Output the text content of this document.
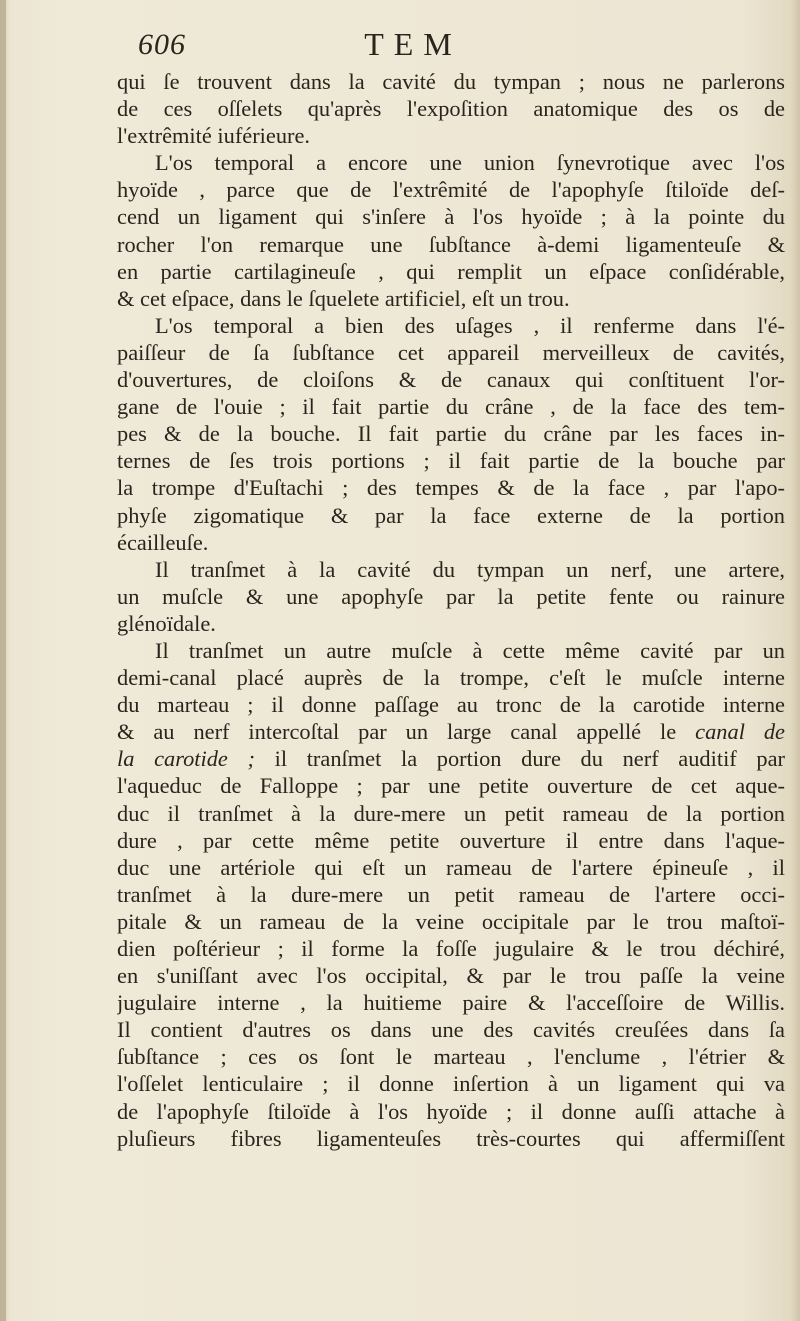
606	TEM
qui ſe trouvent dans la cavité du tympan ; nous ne parlerons
de ces oſſelets qu'après l'expoſition anatomique des os de
l'extrêmité iuférieure.
L'os temporal a encore une union ſynevrotique avec l'os
hyoïde , parce que de l'extrêmité de l'apophyſe ſtiloïde deſ-
cend un ligament qui s'inſere à l'os hyoïde ; à la pointe du
rocher l'on remarque une ſubſtance à-demi ligamenteuſe &
en partie cartilagineuſe , qui remplit un eſpace conſidérable,
& cet eſpace, dans le ſquelete artificiel, eſt un trou.
L'os temporal a bien des uſages , il renferme dans l'é-
paiſſeur de ſa ſubſtance cet appareil merveilleux de cavités,
d'ouvertures, de cloiſons & de canaux qui conſtituent l'or-
gane de l'ouie ; il fait partie du crâne , de la face des tem-
pes & de la bouche. Il fait partie du crâne par les faces in-
ternes de ſes trois portions ; il fait partie de la bouche par
la trompe d'Euſtachi ; des tempes & de la face , par l'apo-
phyſe zigomatique & par la face externe de la portion
écailleuſe.
Il tranſmet à la cavité du tympan un nerf, une artere,
un muſcle & une apophyſe par la petite fente ou rainure
glénoïdale.
Il tranſmet un autre muſcle à cette même cavité par un
demi-canal placé auprès de la trompe, c'eſt le muſcle interne
du marteau ; il donne paſſage au tronc de la carotide interne
& au nerf intercoſtal par un large canal appellé le canal de
la carotide ; il tranſmet la portion dure du nerf auditif par
l'aqueduc de Falloppe ; par une petite ouverture de cet aque-
duc il tranſmet à la dure-mere un petit rameau de la portion
dure , par cette même petite ouverture il entre dans l'aque-
duc une artériole qui eſt un rameau de l'artere épineuſe , il
tranſmet à la dure-mere un petit rameau de l'artere occi-
pitale & un rameau de la veine occipitale par le trou maſtoï-
dien poſtérieur ; il forme la foſſe jugulaire & le trou déchiré,
en s'uniſſant avec l'os occipital, & par le trou paſſe la veine
jugulaire interne , la huitieme paire & l'acceſſoire de Willis.
Il contient d'autres os dans une des cavités creuſées dans ſa
ſubſtance ; ces os ſont le marteau , l'enclume , l'étrier &
l'oſſelet lenticulaire ; il donne inſertion à un ligament qui va
de l'apophyſe ſtiloïde à l'os hyoïde ; il donne auſſi attache à
pluſieurs fibres ligamenteuſes très-courtes qui affermiſſent
